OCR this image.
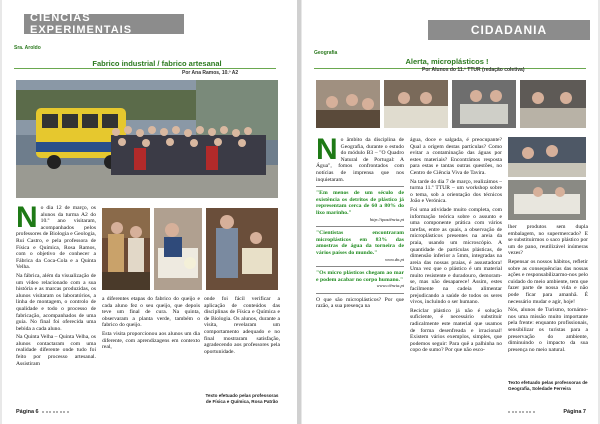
CIÊNCIAS EXPERIMENTAIS
Sra. Aroldo
Fabrico industrial / fabrico artesanal
Por Ana Ramos, 10.º A2
N o dia 12 de março, os alunos da turma A2 do 10.º ano visitaram, acompanhados pelos professores de Biologia e Geologia, Rui Castro, e pela professora de Física e Química, Rosa Ramos, com o objetivo de conhecer a Fábrica da Coca-Cola e a Quinta Velha.

Na fábrica, além da visualização de um vídeo relacionado com a sua história e as marcas produzidas, os alunos visitaram os laboratórios, a linha de montagem, o controlo de qualidade e todo o processo de fabricação, acompanhados de uma guia. No final foi oferecida uma bebida a cada aluno.

Na Quinta Velha – Quinta Velha, os alunos contactaram com uma realidade diferente onde tudo foi feito por processo artesanal. Assistiram

a diferentes etapas do fabrico do queijo e cada aluno fez o seu queijo, que depois teve um final de cura. Na quinta, observaram a planta verde, também o fabrico do queijo.

Esta visita proporcionou aos alunos um dia diferente, com aprendizagens em contexto real,

onde foi fácil verificar a aplicação de conteúdos das disciplinas de Física e Química e de Biologia. Os alunos, durante a visita, revelaram um comportamento adequado e no final mostraram satisfação, agradecendo aos professores pela oportunidade.

Texto efetuado pelas professoras de Física e Química, Rosa Patrão
Página 6
CIDADANIA
Geografia
Alerta, microplásticos !
Por Alunos do 11.º TTUR (redação coletiva)
N o âmbito da disciplina de Geografia, durante o estudo do módulo B3 – "O Quadro Natural de Portugal: A Água", fomos confrontados com notícias de imprensa que nos inquietaram.

"Em menos de um século de existência os detritos de plástico já representam cerca de 60 a 80% do lixo marinho."
http://tpasiência.pt
"Cientistas encontraram microplásticos em 83% das amostras de água da torneira de vários países do mundo."
www.dn.pt
"Os micro plásticos chegam ao mar e podem acabar no corpo humano."
www.ciência.pt

O que são microplásticos? Por que razão, a sua presença na

água, doce e salgada, é preocupante? Qual a origem destas partículas? Como evitar a contaminação das águas por estes materiais? Encontrámos resposta para estas e tantas outras questões, no Centro de Ciência Viva de Tavira.

Na tarde do dia 7 de março, realizámos – turma 11.º TTUR – um workshop sobre o tema, sob a orientação dos técnicos João e Verónica.

Foi uma atividade muito completa, com informação teórica sobre o assunto e uma componente prática com vários tarefas, entre as quais, a observação de microplásticos presentes na areia da praia, usando um microscópio. A quantidade de partículas plásticas, de dimensão inferior a 5mm, integradas na areia das nossas praias, é assustadora! Uma vez que o plástico é um material muito resistente e duradouro, demoram-se, mas não desaparece! Assim, estes facilmente na cadeia alimentar prejudicando a saúde de todos os seres vivos, incluindo o ser humano.

Reciclar plástico já não é solução suficiente, é necessário substituir radicalmente este material que usamos de forma desenfreada e irracional! Existem vários exemplos, simples, que podemos seguir: Para quê a palhinha no copo de sumo? Por que não esco-

lher produtos sem dupla embalagem, no supermercado? E se substituirmos o saco plástico por um de pano, reutilizável inúmeras vezes?

Repensar os nossos hábitos, refletir sobre as consequências das nossas ações e responsabilizarmo-nos pelo cuidado do meio ambiente, tem que fazer parte de nossa vida e não pode ficar para amanhã. É necessário mudar e agir, hoje!

Nós, alunos de Turismo, tornámo-nos uma missão muito importante pela frente: enquanto profissionais, sensibilizar os turistas para a preservação do ambiente, diminuindo o impacto da sua presença no meio natural.

Texto efetuado pelas professoras de Geografia, Soledade Ferreira
Página 7
